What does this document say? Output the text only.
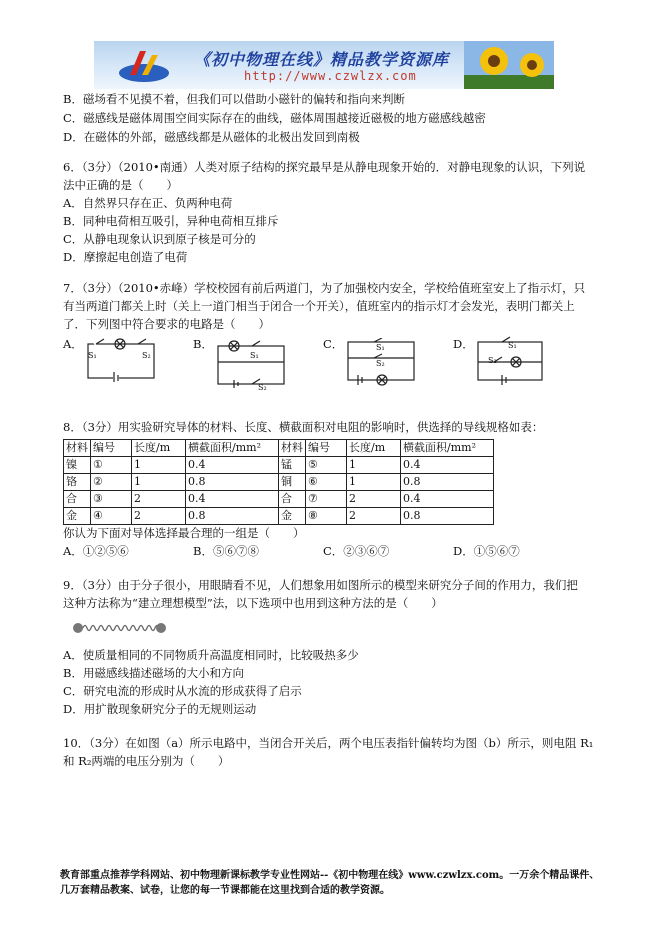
《初中物理在线》精品教学资源库
http://www.czwlzx.com
B．磁场看不见摸不着，但我们可以借助小磁针的偏转和指向来判断
C．磁感线是磁体周围空间实际存在的曲线，磁体周围越接近磁极的地方磁感线越密
D．在磁体的外部，磁感线都是从磁体的北极出发回到南极
6．（3分）（2010•南通）人类对原子结构的探究最早是从静电现象开始的．对静电现象的认识，下列说
法中正确的是（　　）
A．自然界只存在正、负两种电荷
B．同种电荷相互吸引，异种电荷相互排斥
C．从静电现象认识到原子核是可分的
D．摩擦起电创造了电荷
7．（3分）（2010•赤峰）学校校园有前后两道门，为了加强校内安全，学校给值班室安上了指示灯，只
有当两道门都关上时（关上一道门相当于闭合一个开关），值班室内的指示灯才会发光，表明门都关上
了．下列图中符合要求的电路是（　　）
A．
S₁	S₂
B．
S₁
S₂
C．	S₁
S₂
D．	S₁
S₂
8．（3分）用实验研究导体的材料、长度、横截面积对电阻的影响时，供选择的导线规格如表：
材料	编号	长度/m	横截面积/mm²	材料	编号	长度/m	横截面积/mm²
镍	①	1	0.4	锰	⑤	1	0.4
铬	②	1	0.8	铜	⑥	1	0.8
合	③	2	0.4	合	⑦	2	0.4
金	④	2	0.8	金	⑧	2	0.8
你认为下面对导体选择最合理的一组是（　　）
A．①②⑤⑥	B．⑤⑥⑦⑧	C．②③⑥⑦	D．①⑤⑥⑦
9．（3分）由于分子很小，用眼睛看不见，人们想象用如图所示的模型来研究分子间的作用力，我们把
这种方法称为“建立理想模型”法，以下选项中也用到这种方法的是（　　）
A．使质量相同的不同物质升高温度相同时，比较吸热多少
B．用磁感线描述磁场的大小和方向
C．研究电流的形成时从水流的形成获得了启示
D．用扩散现象研究分子的无规则运动
10．（3分）在如图（a）所示电路中，当闭合开关后，两个电压表指针偏转均为图（b）所示，则电阻 R₁
和 R₂两端的电压分别为（　　）
教育部重点推荐学科网站、初中物理新课标教学专业性网站--《初中物理在线》www.czwlzx.com。一万余个精品课件、
几万套精品教案、试卷，让您的每一节课都能在这里找到合适的教学资源。
